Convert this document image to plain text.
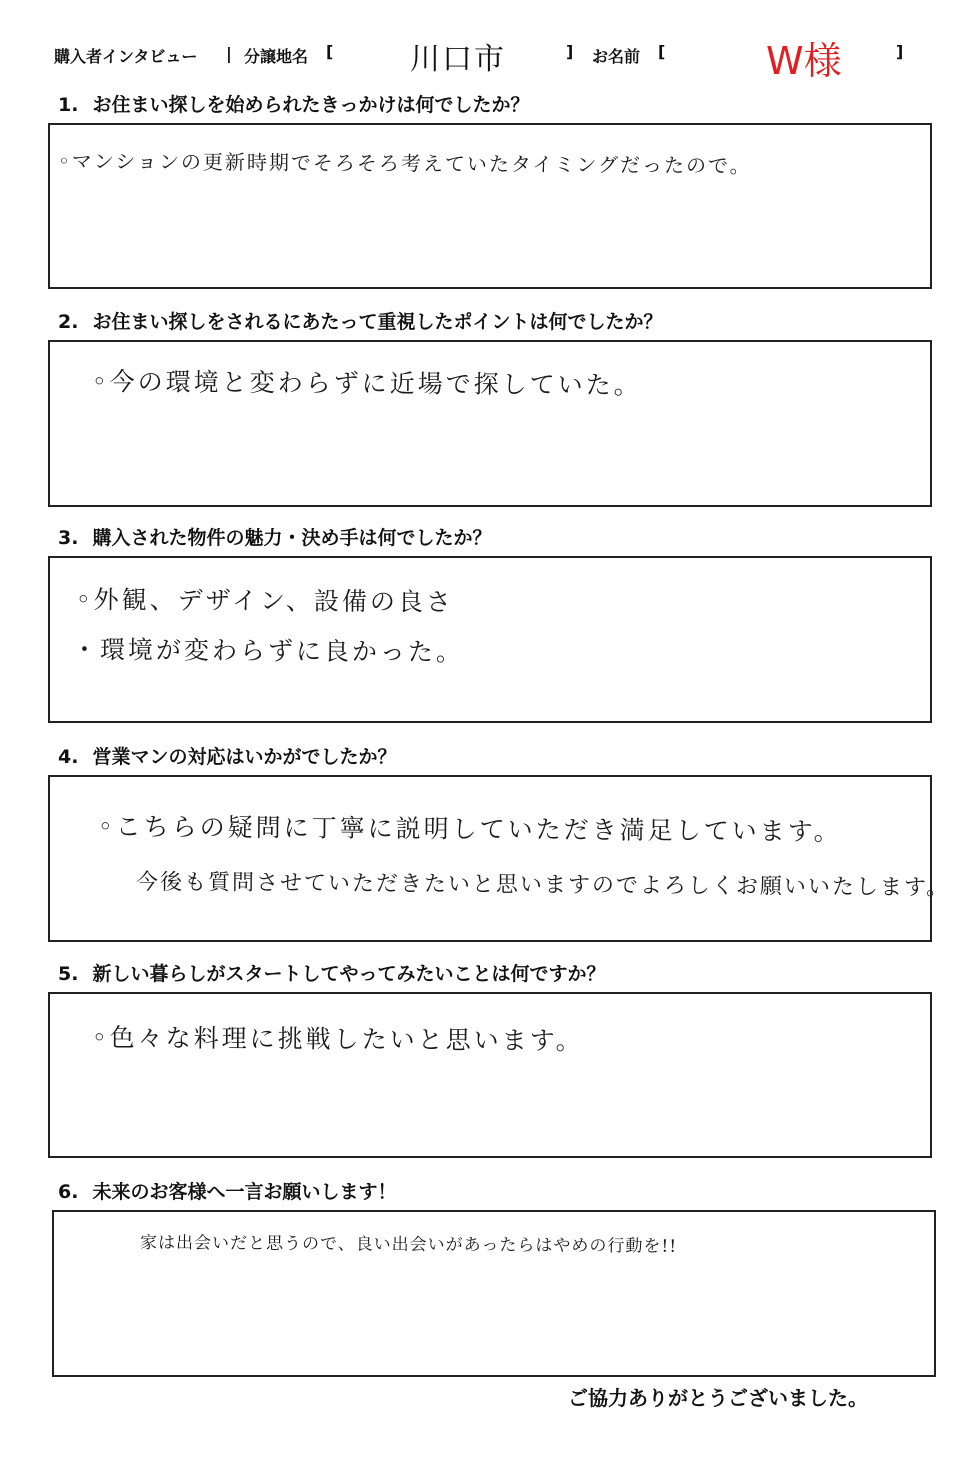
購入者インタビュー | 分譲地名 [	川口市	] お名前 [	W様	]
1. お住まい探しを始められたきっかけは何でしたか？
◦マンションの更新時期でそろそろ考えていたタイミングだったので。
2. お住まい探しをされるにあたって重視したポイントは何でしたか？
◦今の環境と変わらずに近場で探していた。
3. 購入された物件の魅力・決め手は何でしたか？
◦外観、デザイン、設備の良さ
・環境が変わらずに良かった。
4. 営業マンの対応はいかがでしたか？
◦こちらの疑問に丁寧に説明していただき満足しています。
今後も質問させていただきたいと思いますのでよろしくお願いいたします。
5. 新しい暮らしがスタートしてやってみたいことは何ですか？
◦色々な料理に挑戦したいと思います。
6. 未来のお客様へ一言お願いします！
家は出会いだと思うので、良い出会いがあったらはやめの行動を!!
ご協力ありがとうございました。
